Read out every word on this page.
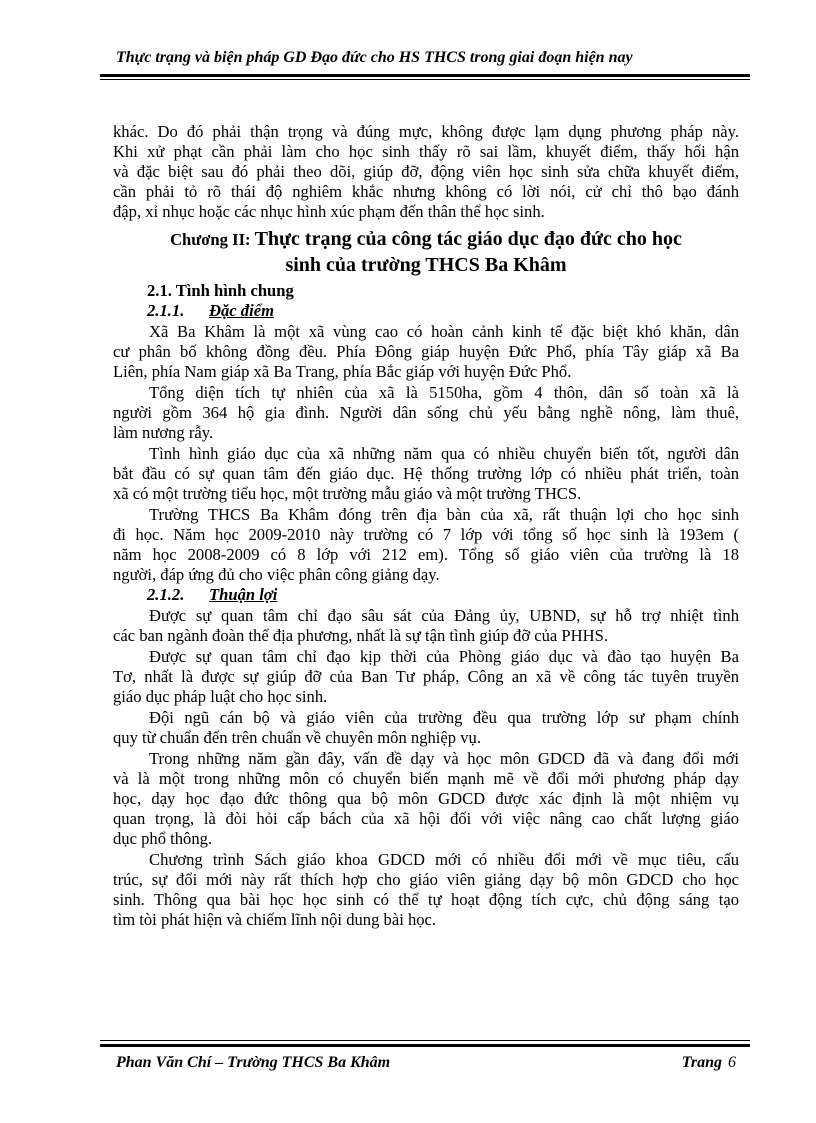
Thực trạng và biện pháp GD Đạo đức cho HS THCS trong giai đoạn hiện nay
khác. Do đó phải thận trọng và đúng mực, không được lạm dụng phương pháp này.
Khi xử phạt cần phải làm cho học sinh thấy rõ sai lầm, khuyết điểm, thấy hối hận
và đặc biệt sau đó phải theo dõi, giúp đỡ, động viên học sinh sửa chữa khuyết điểm,
cần phải tỏ rõ thái độ nghiêm khắc nhưng không có lời nói, cử chỉ thô bạo đánh
đập, xỉ nhục hoặc các nhục hình xúc phạm đến thân thể học sinh.
Chương II: Thực trạng của công tác giáo dục đạo đức cho học
sinh của trường THCS Ba Khâm
2.1. Tình hình chung
2.1.1. Đặc điểm
Xã Ba Khâm là một xã vùng cao có hoàn cảnh kinh tế đặc biệt khó khăn, dân
cư phân bố không đồng đều. Phía Đông giáp huyện Đức Phổ, phía Tây giáp xã Ba
Liên, phía Nam giáp xã Ba Trang, phía Bắc giáp với huyện Đức Phổ.
Tổng diện tích tự nhiên của xã là 5150ha, gồm 4 thôn, dân số toàn xã là
người gồm 364 hộ gia đình. Người dân sống chủ yếu bằng nghề nông, làm thuê,
làm nương rẫy.
Tình hình giáo dục của xã những năm qua có nhiều chuyển biến tốt, người dân
bắt đầu có sự quan tâm đến giáo dục. Hệ thống trường lớp có nhiều phát triển, toàn
xã có một trường tiểu học, một trường mẫu giáo và một trường THCS.
Trường THCS Ba Khâm đóng trên địa bàn của xã, rất thuận lợi cho học sinh
đi học. Năm học 2009-2010 này trường có 7 lớp với tổng số học sinh là 193em (
năm học 2008-2009 có 8 lớp với 212 em). Tổng số giáo viên của trường là 18
người, đáp ứng đủ cho việc phân công giảng dạy.
2.1.2. Thuận lợi
Được sự quan tâm chỉ đạo sâu sát của Đảng ủy, UBND, sự hỗ trợ nhiệt tình
các ban ngành đoàn thể địa phương, nhất là sự tận tình giúp đỡ của PHHS.
Được sự quan tâm chỉ đạo kịp thời của Phòng giáo dục và đào tạo huyện Ba
Tơ, nhất là được sự giúp đỡ của Ban Tư pháp, Công an xã về công tác tuyên truyền
giáo dục pháp luật cho học sinh.
Đội ngũ cán bộ và giáo viên của trường đều qua trường lớp sư phạm chính
quy từ chuẩn đến trên chuẩn về chuyên môn nghiệp vụ.
Trong những năm gần đây, vấn đề dạy và học môn GDCD đã và đang đổi mới
và là một trong những môn có chuyển biến mạnh mẽ về đổi mới phương pháp dạy
học, dạy học đạo đức thông qua bộ môn GDCD được xác định là một nhiệm vụ
quan trọng, là đòi hỏi cấp bách của xã hội đối với việc nâng cao chất lượng giáo
dục phổ thông.
Chương trình Sách giáo khoa GDCD mới có nhiều đổi mới về mục tiêu, cấu
trúc, sự đổi mới này rất thích hợp cho giáo viên giảng dạy bộ môn GDCD cho học
sinh. Thông qua bài học học sinh có thể tự hoạt động tích cực, chủ động sáng tạo
tìm tòi phát hiện và chiếm lĩnh nội dung bài học.
Phan Văn Chí – Trường THCS Ba Khâm	Trang 6
